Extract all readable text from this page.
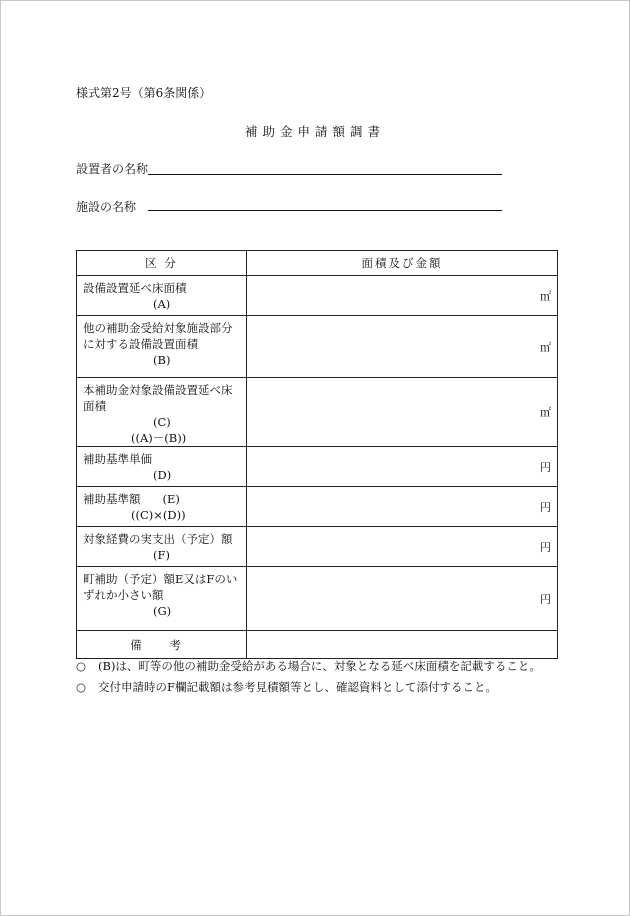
様式第2号（第6条関係）
補助金申請額調書
設置者の名称
施設の名称
区 分	面積及び金額

設備設置延べ床面積
(A)	㎡

他の補助金受給対象施設部分に対する設備設置面積
(B)	㎡

本補助金対象設備設置延べ床面積
(C)
((A)－(B))	㎡

補助基準単価
(D)	円

補助基準額 (E)
((C)×(D))	円

対象経費の実支出（予定）額
(F)	円

町補助（予定）額E又はFのいずれか小さい額
(G)	円
備 考	
○ (B)は、町等の他の補助金受給がある場合に、対象となる延べ床面積を記載すること。
○ 交付申請時のF欄記載額は参考見積額等とし、確認資料として添付すること。
